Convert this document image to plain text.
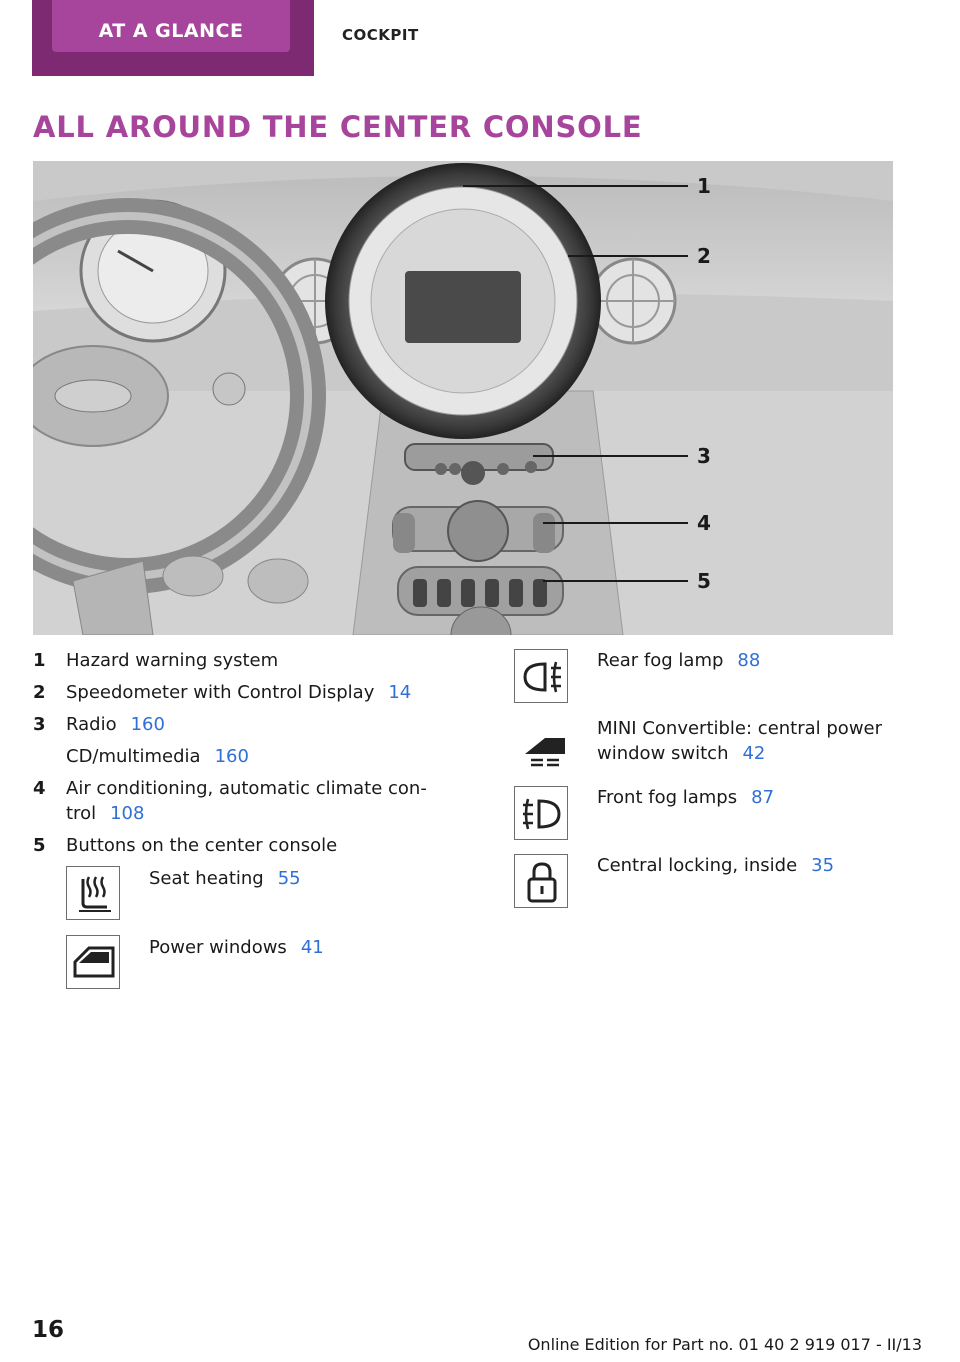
AT A GLANCE	COCKPIT
ALL AROUND THE CENTER CONSOLE
1
2
3
4
5
1 Hazard warning system
2 Speedometer with Control Display 14
3 Radio 160
CD/multimedia 160
4 Air conditioning, automatic climate con-
trol 108
5 Buttons on the center console
Seat heating 55
Power windows 41
Rear fog lamp 88
MINI Convertible: central power
window switch 42
Front fog lamps 87
Central locking, inside 35
16
Online Edition for Part no. 01 40 2 919 017 - II/13
